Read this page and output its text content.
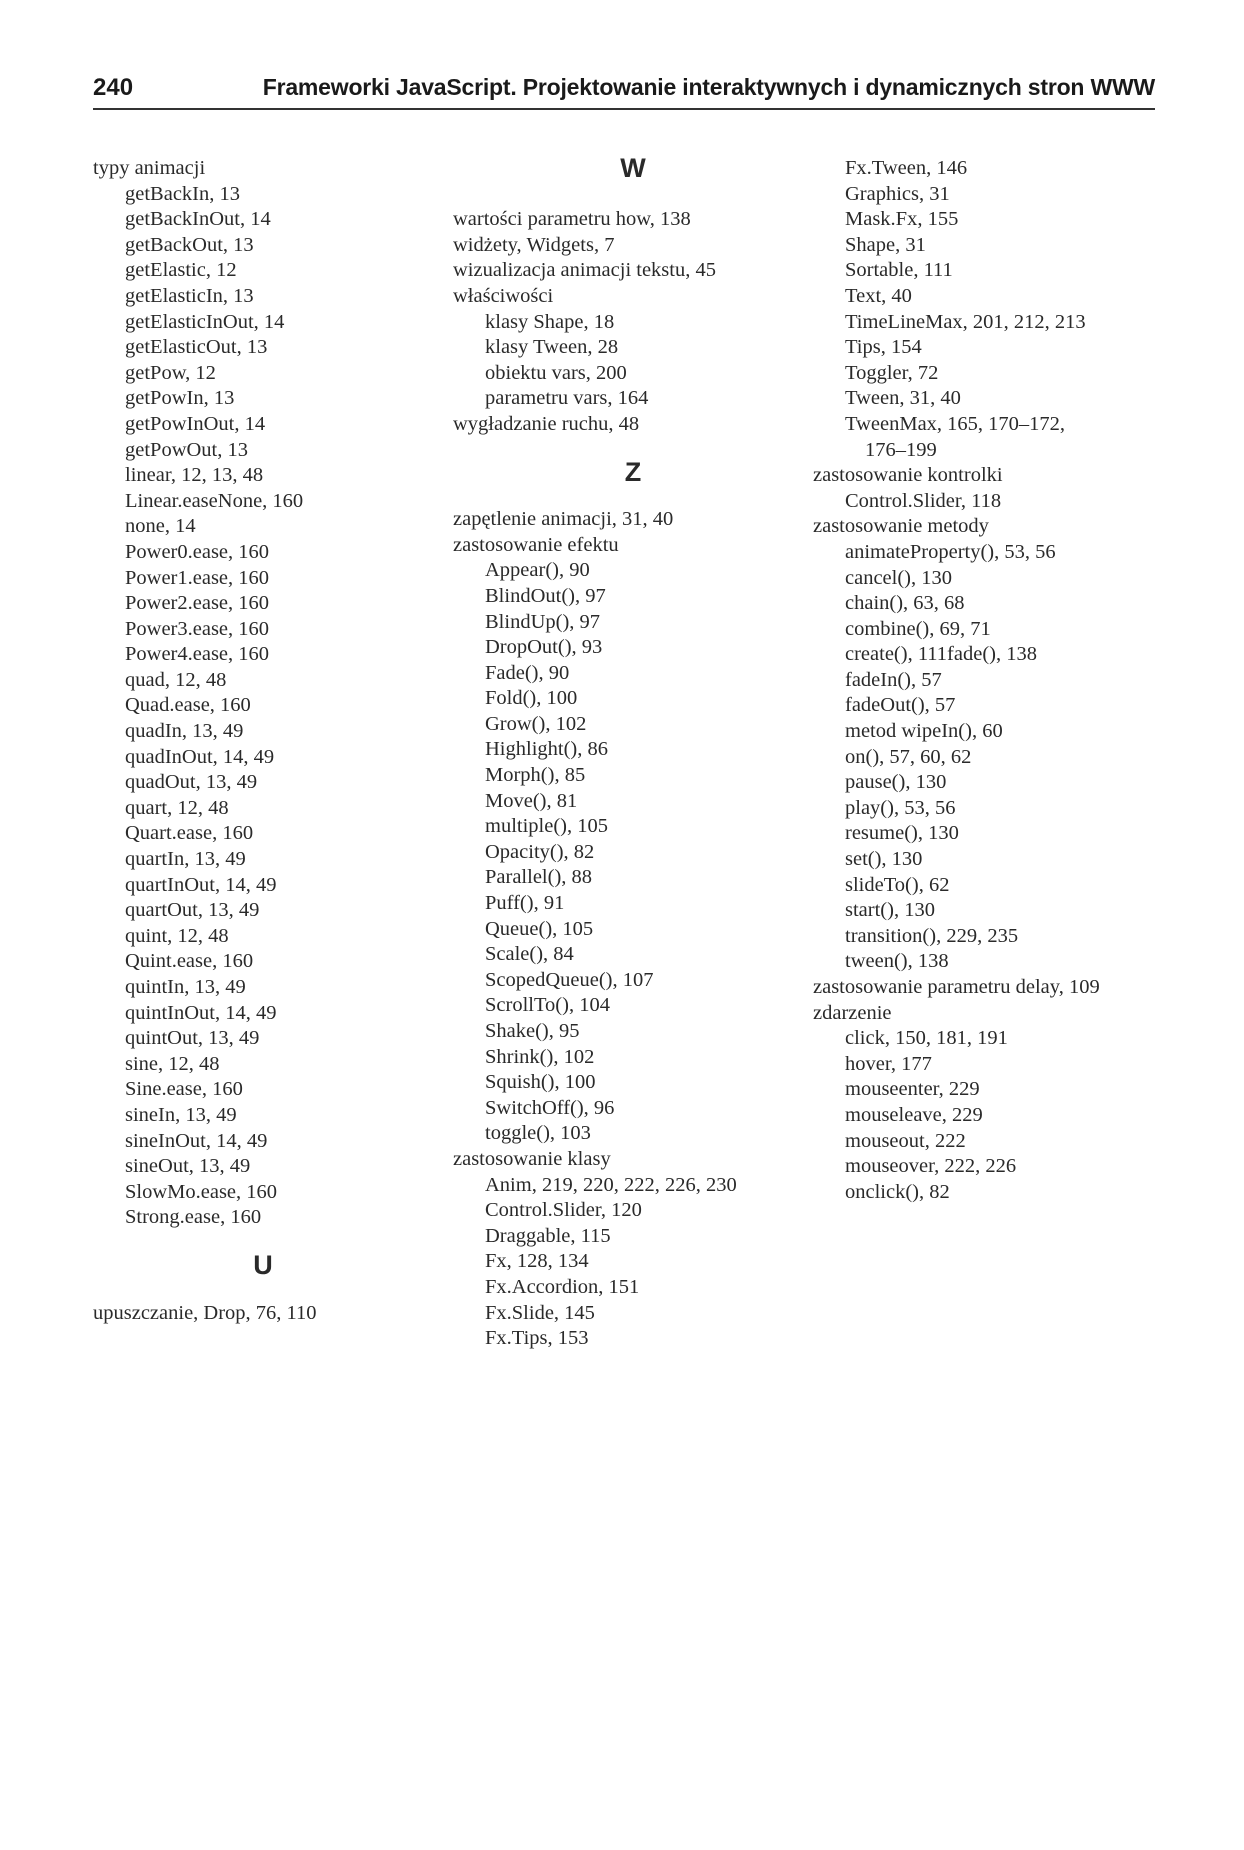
240	Frameworki JavaScript. Projektowanie interaktywnych i dynamicznych stron WWW
typy animacji
getBackIn, 13
getBackInOut, 14
getBackOut, 13
getElastic, 12
getElasticIn, 13
getElasticInOut, 14
getElasticOut, 13
getPow, 12
getPowIn, 13
getPowInOut, 14
getPowOut, 13
linear, 12, 13, 48
Linear.easeNone, 160
none, 14
Power0.ease, 160
Power1.ease, 160
Power2.ease, 160
Power3.ease, 160
Power4.ease, 160
quad, 12, 48
Quad.ease, 160
quadIn, 13, 49
quadInOut, 14, 49
quadOut, 13, 49
quart, 12, 48
Quart.ease, 160
quartIn, 13, 49
quartInOut, 14, 49
quartOut, 13, 49
quint, 12, 48
Quint.ease, 160
quintIn, 13, 49
quintInOut, 14, 49
quintOut, 13, 49
sine, 12, 48
Sine.ease, 160
sineIn, 13, 49
sineInOut, 14, 49
sineOut, 13, 49
SlowMo.ease, 160
Strong.ease, 160
U
upuszczanie, Drop, 76, 110
W
wartości parametru how, 138
widżety, Widgets, 7
wizualizacja animacji tekstu, 45
właściwości
klasy Shape, 18
klasy Tween, 28
obiektu vars, 200
parametru vars, 164
wygładzanie ruchu, 48
Z
zapętlenie animacji, 31, 40
zastosowanie efektu
Appear(), 90
BlindOut(), 97
BlindUp(), 97
DropOut(), 93
Fade(), 90
Fold(), 100
Grow(), 102
Highlight(), 86
Morph(), 85
Move(), 81
multiple(), 105
Opacity(), 82
Parallel(), 88
Puff(), 91
Queue(), 105
Scale(), 84
ScopedQueue(), 107
ScrollTo(), 104
Shake(), 95
Shrink(), 102
Squish(), 100
SwitchOff(), 96
toggle(), 103
zastosowanie klasy
Anim, 219, 220, 222, 226, 230
Control.Slider, 120
Draggable, 115
Fx, 128, 134
Fx.Accordion, 151
Fx.Slide, 145
Fx.Tips, 153
Fx.Tween, 146
Graphics, 31
Mask.Fx, 155
Shape, 31
Sortable, 111
Text, 40
TimeLineMax, 201, 212, 213
Tips, 154
Toggler, 72
Tween, 31, 40
TweenMax, 165, 170–172,
176–199
zastosowanie kontrolki
Control.Slider, 118
zastosowanie metody
animateProperty(), 53, 56
cancel(), 130
chain(), 63, 68
combine(), 69, 71
create(), 111fade(), 138
fadeIn(), 57
fadeOut(), 57
metod wipeIn(), 60
on(), 57, 60, 62
pause(), 130
play(), 53, 56
resume(), 130
set(), 130
slideTo(), 62
start(), 130
transition(), 229, 235
tween(), 138
zastosowanie parametru delay, 109
zdarzenie
click, 150, 181, 191
hover, 177
mouseenter, 229
mouseleave, 229
mouseout, 222
mouseover, 222, 226
onclick(), 82
